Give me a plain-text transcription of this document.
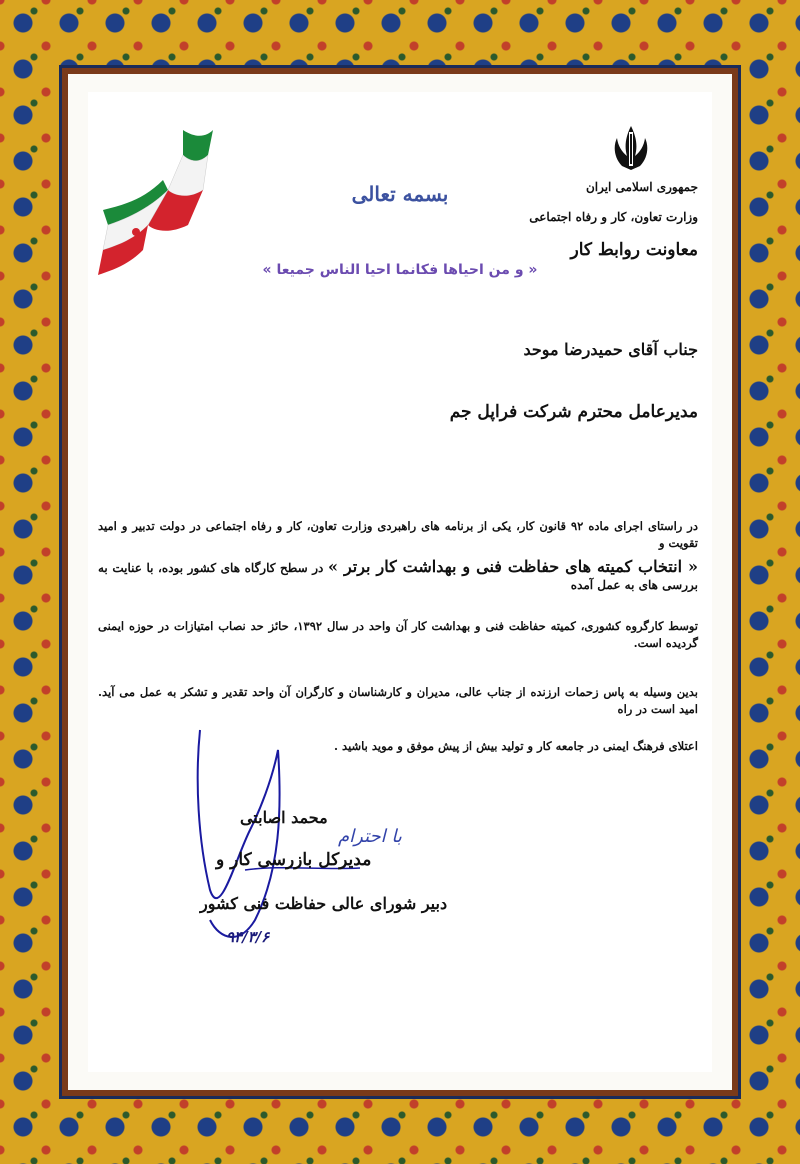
جمهوری اسلامی ایران
وزارت تعاون، کار و رفاه اجتماعی
معاونت روابط کار
بسمه تعالی
« و من احیاها فکانما احیا الناس جمیعا »
جناب آقای حمیدرضا موحد
مدیرعامل محترم شرکت فراپل جم
در راستای اجرای ماده ۹۲ قانون کار، یکی از برنامه های راهبردی وزارت تعاون، کار و رفاه اجتماعی در دولت تدبیر و امید تقویت و
« انتخاب کمیته های حفاظت فنی و بهداشت کار برتر » در سطح کارگاه های کشور بوده، با عنایت به بررسی های به عمل آمده
توسط کارگروه کشوری، کمیته حفاظت فنی و بهداشت کار آن واحد در سال ۱۳۹۲، حائز حد نصاب امتیازات در حوزه ایمنی گردیده است.
بدین وسیله به پاس زحمات ارزنده از جناب عالی، مدیران و کارشناسان و کارگران آن واحد تقدیر و تشکر به عمل می آید. امید است در راه
اعتلای فرهنگ ایمنی در جامعه کار و تولید بیش از پیش موفق و موید باشید .
با احترام
محمد اصابتی
مدیرکل بازرسی کار و
دبیر شورای عالی حفاظت فنی کشور
۹۴/۳/۶
